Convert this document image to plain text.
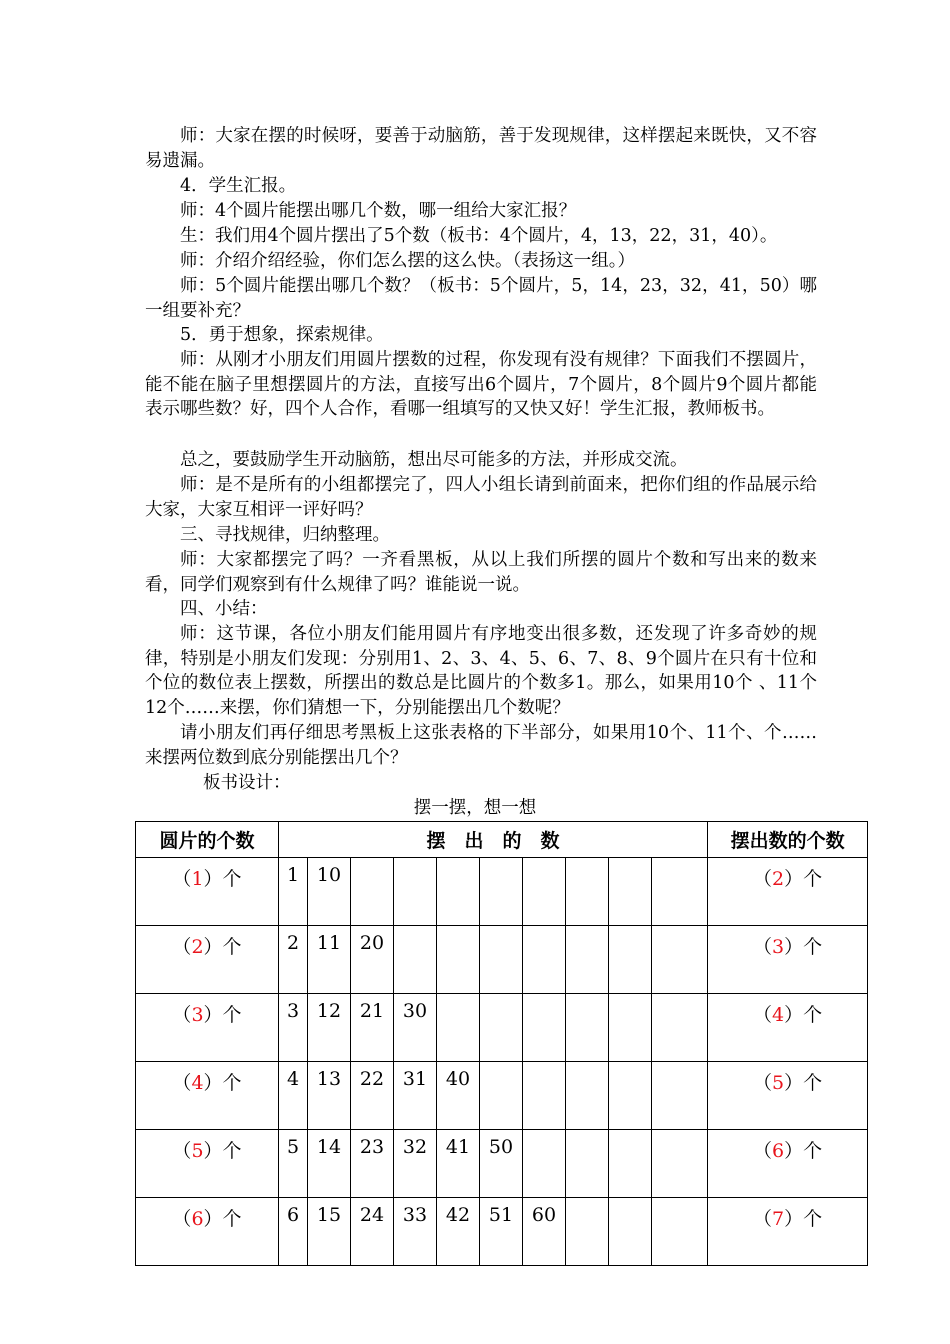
师：大家在摆的时候呀，要善于动脑筋，善于发现规律，这样摆起来既快，又不容易遗漏。

4．学生汇报。

师：4个圆片能摆出哪几个数，哪一组给大家汇报？

生：我们用4个圆片摆出了5个数（板书：4个圆片，4，13，22，31，40）。

师：介绍介绍经验，你们怎么摆的这么快。（表扬这一组。）

师：5个圆片能摆出哪几个数？（板书：5个圆片，5，14，23，32，41，50）哪一组要补充？

5．勇于想象，探索规律。

师：从刚才小朋友们用圆片摆数的过程，你发现有没有规律？下面我们不摆圆片，能不能在脑子里想摆圆片的方法，直接写出6个圆片，7个圆片，8个圆片9个圆片都能表示哪些数？好，四个人合作，看哪一组填写的又快又好！学生汇报，教师板书。

总之，要鼓励学生开动脑筋，想出尽可能多的方法，并形成交流。

师：是不是所有的小组都摆完了，四人小组长请到前面来，把你们组的作品展示给大家，大家互相评一评好吗？

三、寻找规律，归纳整理。

师：大家都摆完了吗？一齐看黑板，从以上我们所摆的圆片个数和写出来的数来看，同学们观察到有什么规律了吗？谁能说一说。

四、小结：

师：这节课，各位小朋友们能用圆片有序地变出很多数，还发现了许多奇妙的规律，特别是小朋友们发现：分别用1、2、3、4、5、6、7、8、9个圆片在只有十位和个位的数位表上摆数，所摆出的数总是比圆片的个数多1。那么，如果用10个 、11个12个……来摆，你们猜想一下，分别能摆出几个数呢？

请小朋友们再仔细思考黑板上这张表格的下半部分，如果用10个、11个、个……来摆两位数到底分别能摆出几个？

板书设计：

摆一摆，想一想
圆片的个数	摆　出　的　数										摆出数的个数
（1）个	1	10									（2）个
（2）个	2	11	20								（3）个
（3）个	3	12	21	30							（4）个
（4）个	4	13	22	31	40						（5）个
（5）个	5	14	23	32	41	50					（6）个
（6）个	6	15	24	33	42	51	60				（7）个
